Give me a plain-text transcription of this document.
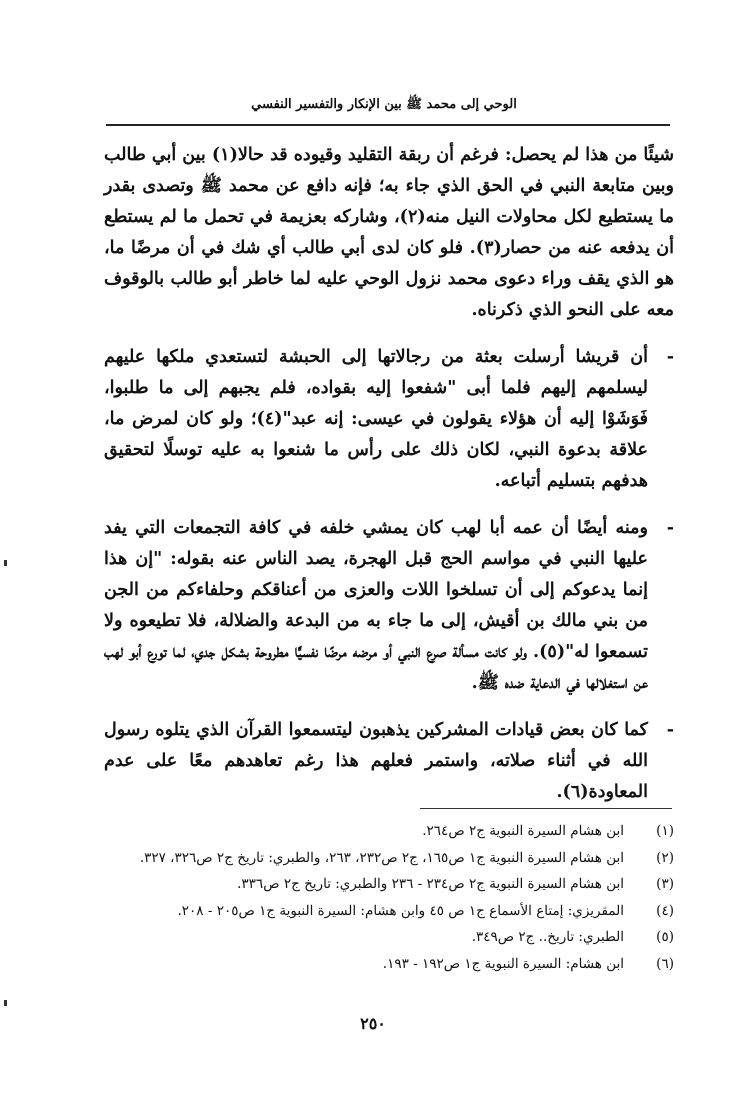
الوحي إلى محمد ﷺ بين الإنكار والتفسير النفسي

شيئًا من هذا لم يحصل: فرغم أن ربقة التقليد وقيوده قد حالا(١) بين أبي طالب وبين متابعة النبي في الحق الذي جاء به؛ فإنه دافع عن محمد ﷺ وتصدى بقدر ما يستطيع لكل محاولات النيل منه(٢)، وشاركه بعزيمة في تحمل ما لم يستطع أن يدفعه عنه من حصار(٣). فلو كان لدى أبي طالب أي شك في أن مرضًا ما، هو الذي يقف وراء دعوى محمد نزول الوحي عليه لما خاطر أبو طالب بالوقوف معه على النحو الذي ذكرناه.

-
أن قريشا أرسلت بعثة من رجالاتها إلى الحبشة لتستعدي ملكها عليهم ليسلمهم إليهم فلما أبى "شفعوا إليه بقواده، فلم يجبهم إلى ما طلبوا، فَوَشَوْا إليه أن هؤلاء يقولون في عيسى: إنه عبد"(٤)؛ ولو كان لمرض ما، علاقة بدعوة النبي، لكان ذلك على رأس ما شنعوا به عليه توسلًا لتحقيق هدفهم بتسليم أتباعه.

-
ومنه أيضًا أن عمه أبا لهب كان يمشي خلفه في كافة التجمعات التي يفد عليها النبي في مواسم الحج قبل الهجرة، يصد الناس عنه بقوله: "إن هذا إنما يدعوكم إلى أن تسلخوا اللات والعزى من أعناقكم وحلفاءكم من الجن من بني مالك بن أقيش، إلى ما جاء به من البدعة والضلالة، فلا تطيعوه ولا تسمعوا له"(٥). ولو كانت مسألة صرع النبي أو مرضه مرضًا نفسيًّا مطروحة بشكل جدي، لما تورع أبو لهب عن استغلالها في الدعاية ضده ﷺ.

-
كما كان بعض قيادات المشركين يذهبون ليتسمعوا القرآن الذي يتلوه رسول الله في أثناء صلاته، واستمر فعلهم هذا رغم تعاهدهم معًا على عدم المعاودة(٦).

(١)
ابن هشام السيرة النبوية ج٢ ص٢٦٤.
(٢)
ابن هشام السيرة النبوية ج١ ص١٦٥، ج٢ ص٢٣٢، ٢٦٣، والطبري: تاريخ ج٢ ص٣٢٦، ٣٢٧.
(٣)
ابن هشام السيرة النبوية ج٢ ص٢٣٤ - ٢٣٦ والطبري: تاريخ ج٢ ص٣٣٦.
(٤)
المقريزي: إمتاع الأسماع ج١ ص ٤٥ وابن هشام: السيرة النبوية ج١ ص٢٠٥ - ٢٠٨.
(٥)
الطبري: تاريخ.. ج٢ ص٣٤٩.
(٦)
ابن هشام: السيرة النبوية ج١ ص١٩٢ - ١٩٣.
٢٥٠
